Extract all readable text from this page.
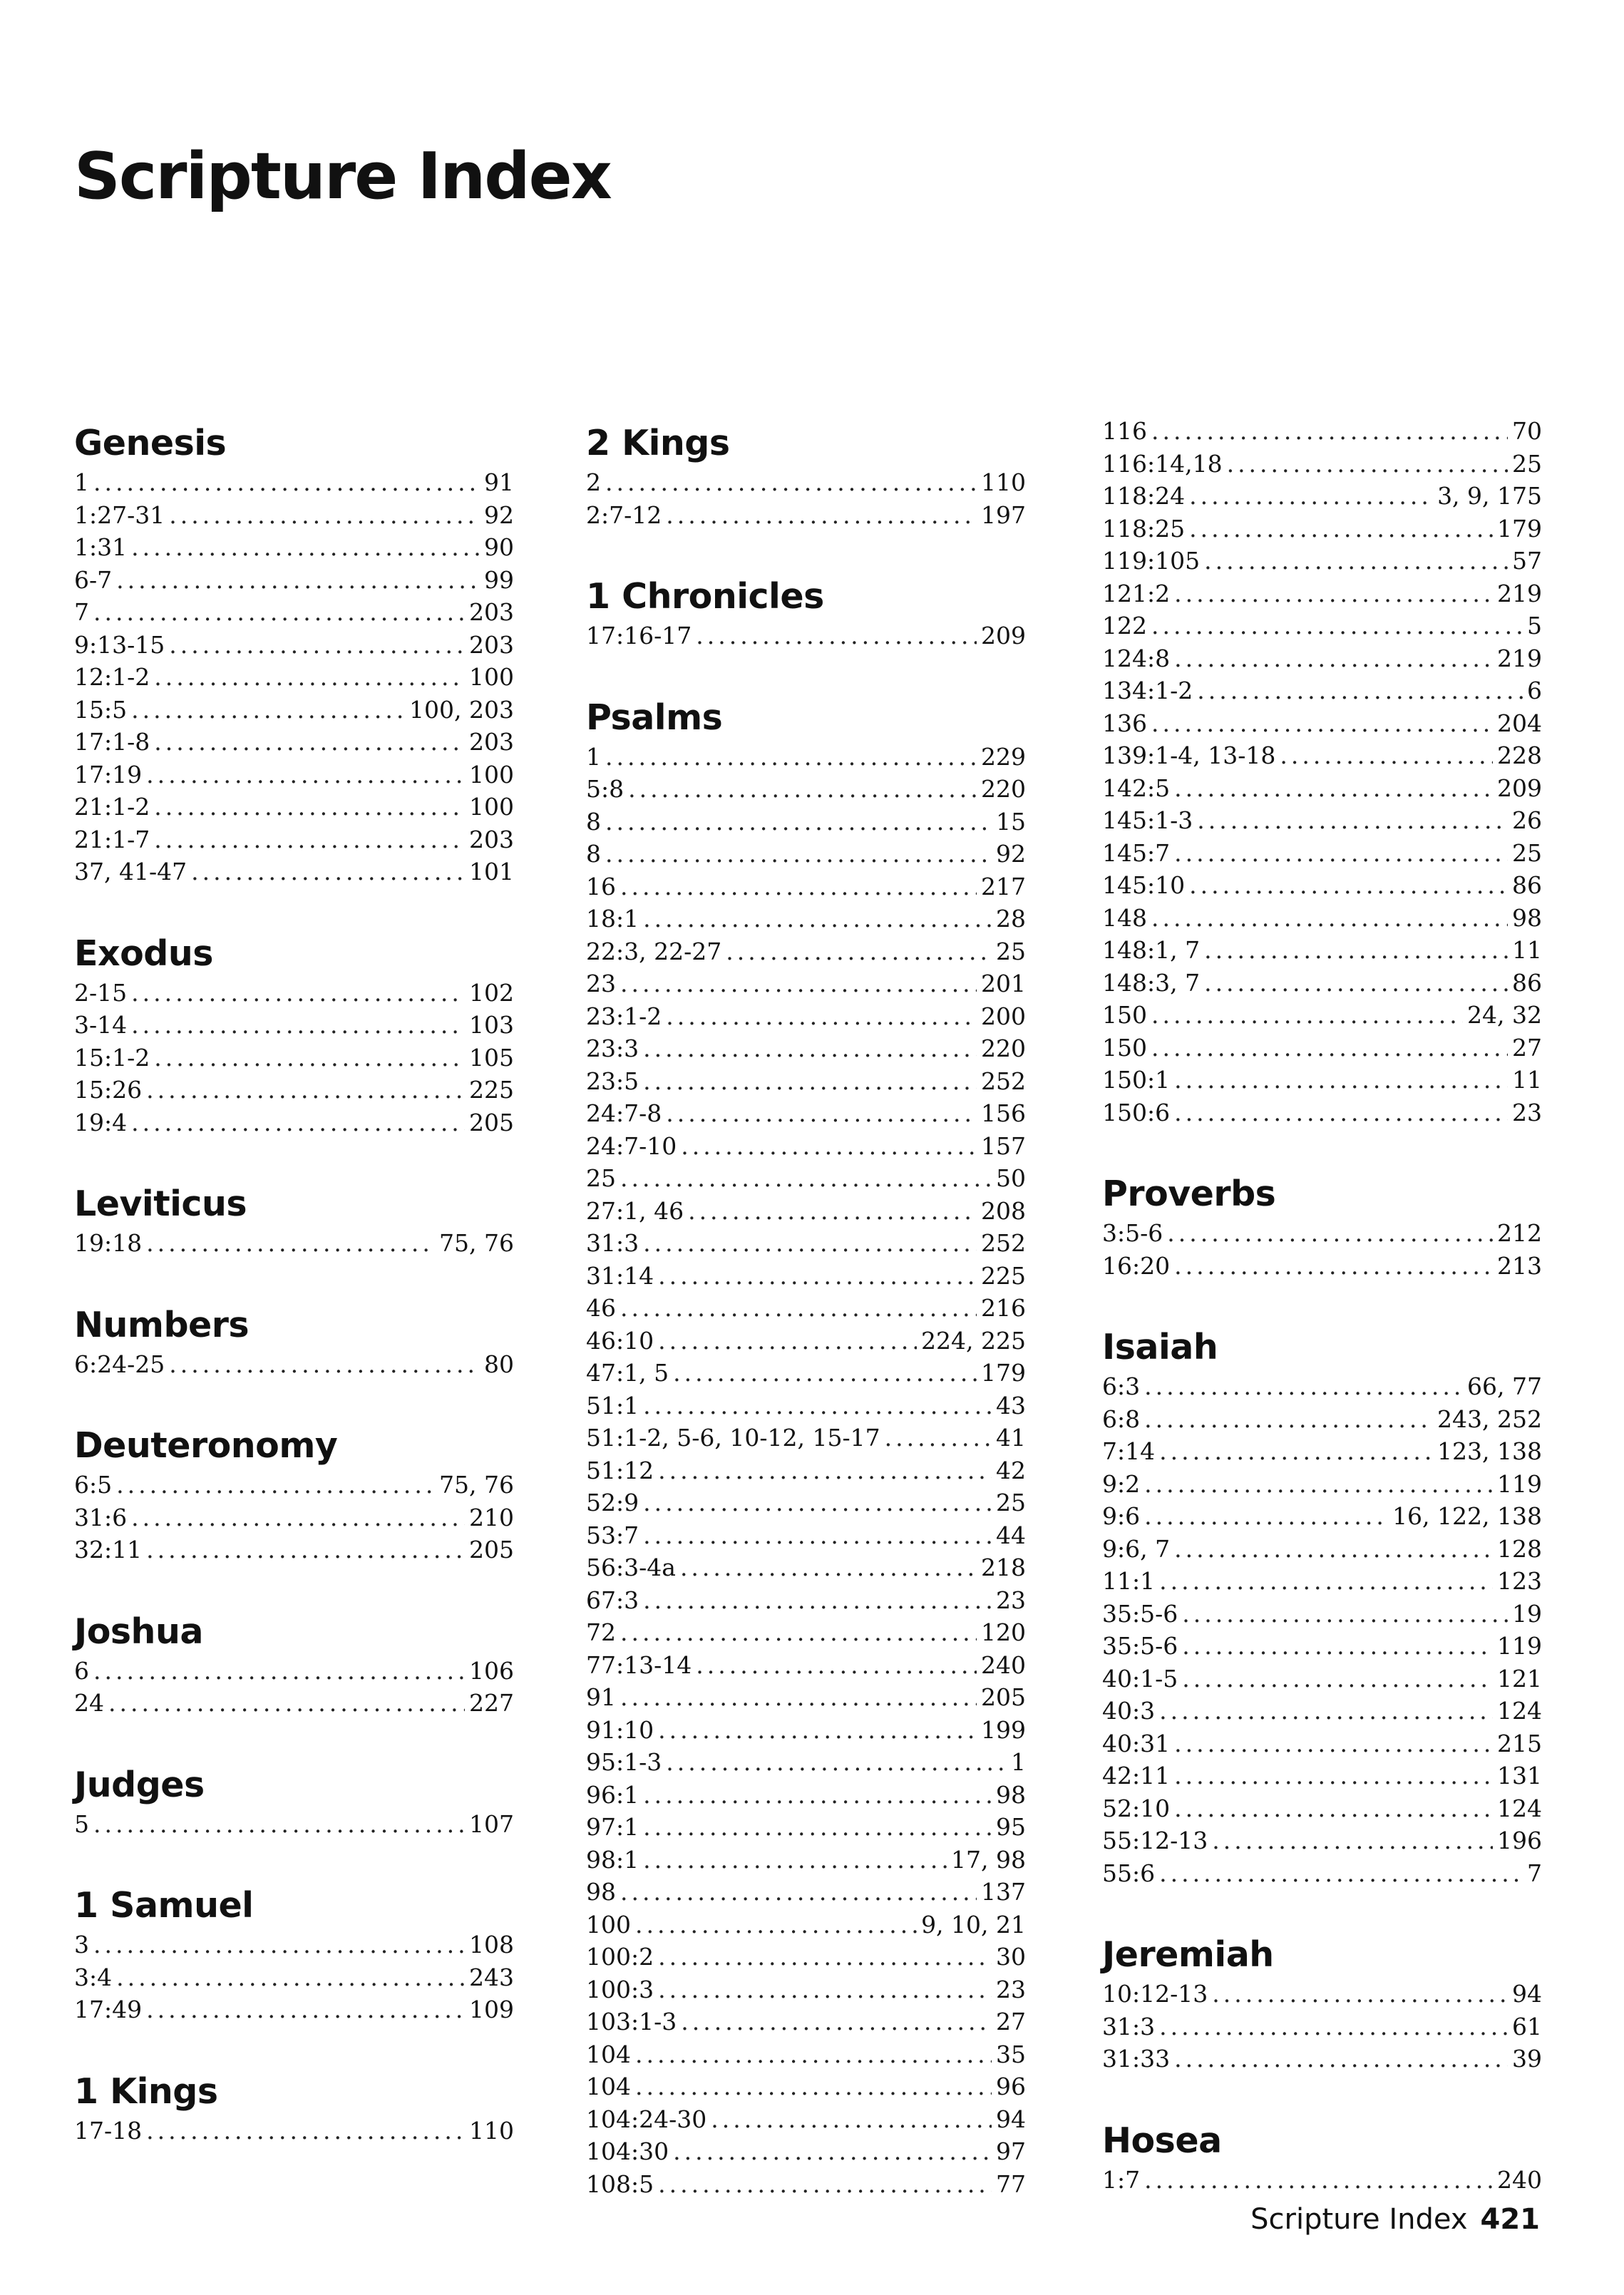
Scripture Index
Genesis
1 .....	91
1:27-31 .....	92
1:31 .....	90
6-7 .....	99
7 .....	203
9:13-15 .....	203
12:1-2 .....	100
15:5 .....	100, 203
17:1-8 .....	203
17:19 .....	100
21:1-2 .....	100
21:1-7 .....	203
37, 41-47 .....	101
Exodus
2-15 .....	102
3-14 .....	103
15:1-2 .....	105
15:26 .....	225
19:4 .....	205
Leviticus
19:18 .....	75, 76
Numbers
6:24-25 .....	80
Deuteronomy
6:5 .....	75, 76
31:6 .....	210
32:11 .....	205
Joshua
6 .....	106
24 .....	227
Judges
5 .....	107
1 Samuel
3 .....	108
3:4 .....	243
17:49 .....	109
1 Kings
17-18 .....	110
2 Kings
2 .....	110
2:7-12 .....	197
1 Chronicles
17:16-17 .....	209
Psalms
1 .....	229
5:8 .....	220
8 .....	15
8 .....	92
16 .....	217
18:1 .....	28
22:3, 22-27 .....	25
23 .....	201
23:1-2 .....	200
23:3 .....	220
23:5 .....	252
24:7-8 .....	156
24:7-10 .....	157
25 .....	50
27:1, 46 .....	208
31:3 .....	252
31:14 .....	225
46 .....	216
46:10 .....	224, 225
47:1, 5 .....	179
51:1 .....	43
51:1-2, 5-6, 10-12, 15-17 .....	41
51:12 .....	42
52:9 .....	25
53:7 .....	44
56:3-4a .....	218
67:3 .....	23
72 .....	120
77:13-14 .....	240
91 .....	205
91:10 .....	199
95:1-3 .....	1
96:1 .....	98
97:1 .....	95
98:1 .....	17, 98
98 .....	137
100 .....	9, 10, 21
100:2 .....	30
100:3 .....	23
103:1-3 .....	27
104 .....	35
104 .....	96
104:24-30 .....	94
104:30 .....	97
108:5 .....	77
116 .....	70
116:14,18 .....	25
118:24 .....	3, 9, 175
118:25 .....	179
119:105 .....	57
121:2 .....	219
122 .....	5
124:8 .....	219
134:1-2 .....	6
136 .....	204
139:1-4, 13-18 .....	228
142:5 .....	209
145:1-3 .....	26
145:7 .....	25
145:10 .....	86
148 .....	98
148:1, 7 .....	11
148:3, 7 .....	86
150 .....	24, 32
150 .....	27
150:1 .....	11
150:6 .....	23
Proverbs
3:5-6 .....	212
16:20 .....	213
Isaiah
6:3 .....	66, 77
6:8 .....	243, 252
7:14 .....	123, 138
9:2 .....	119
9:6 .....	16, 122, 138
9:6, 7 .....	128
11:1 .....	123
35:5-6 .....	19
35:5-6 .....	119
40:1-5 .....	121
40:3 .....	124
40:31 .....	215
42:11 .....	131
52:10 .....	124
55:12-13 .....	196
55:6 .....	7
Jeremiah
10:12-13 .....	94
31:3 .....	61
31:33 .....	39
Hosea
1:7 .....	240
Scripture Index 421
